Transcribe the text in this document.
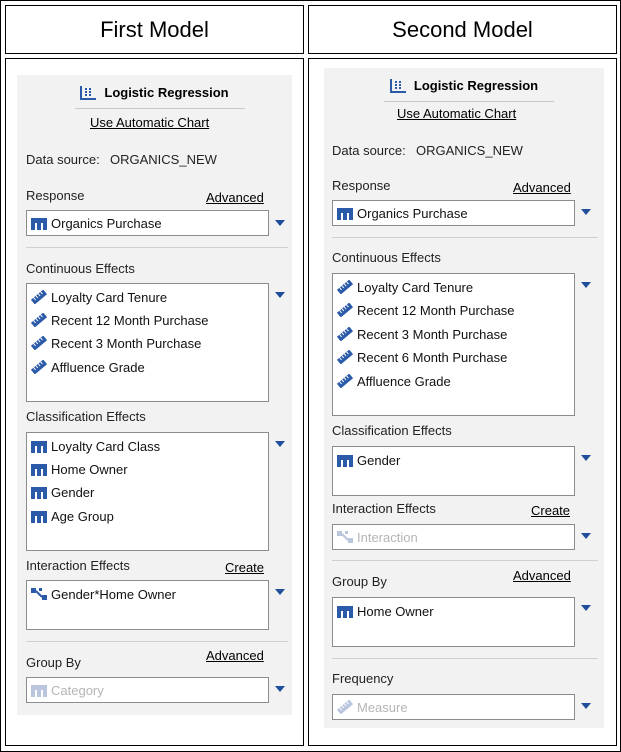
First Model	Second Model
Logistic Regression
Use Automatic Chart
Data source: ORGANICS_NEW
Response	Advanced
Organics Purchase
Continuous Effects
Loyalty Card Tenure
Recent 12 Month Purchase
Recent 3 Month Purchase
Affluence Grade
Classification Effects
Loyalty Card Class
Home Owner
Gender
Age Group
Interaction Effects	Create
Gender*Home Owner
Group By	Advanced
Category
Logistic Regression
Use Automatic Chart
Data source: ORGANICS_NEW
Response	Advanced
Organics Purchase
Continuous Effects
Loyalty Card Tenure
Recent 12 Month Purchase
Recent 3 Month Purchase
Recent 6 Month Purchase
Affluence Grade
Classification Effects
Gender
Interaction Effects	Create
Interaction
Group By	Advanced
Home Owner
Frequency
Measure
